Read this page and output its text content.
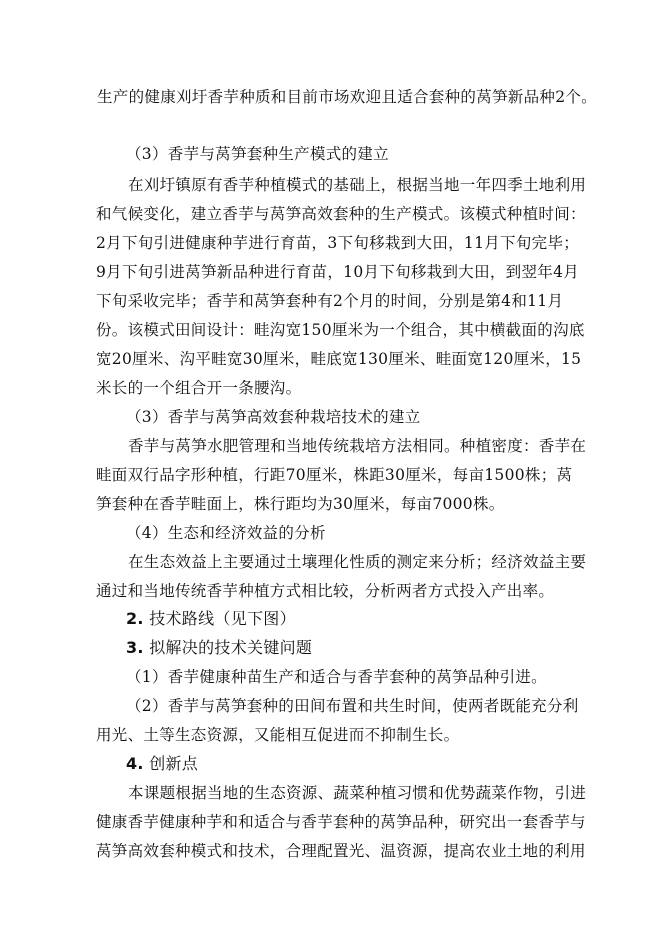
生产的健康刈圩香芋种质和目前市场欢迎且适合套种的莴笋新品种2个。
（3）香芋与莴笋套种生产模式的建立
在刈圩镇原有香芋种植模式的基础上，根据当地一年四季土地利用
和气候变化，建立香芋与莴笋高效套种的生产模式。该模式种植时间：
2月下旬引进健康种芋进行育苗，3下旬移栽到大田，11月下旬完毕；
9月下旬引进莴笋新品种进行育苗，10月下旬移栽到大田，到翌年4月
下旬采收完毕；香芋和莴笋套种有2个月的时间，分别是第4和11月
份。该模式田间设计：畦沟宽150厘米为一个组合，其中横截面的沟底
宽20厘米、沟平畦宽30厘米，畦底宽130厘米、畦面宽120厘米，15
米长的一个组合开一条腰沟。
（3）香芋与莴笋高效套种栽培技术的建立
香芋与莴笋水肥管理和当地传统栽培方法相同。种植密度：香芋在
畦面双行品字形种植，行距70厘米，株距30厘米，每亩1500株；莴
笋套种在香芋畦面上，株行距均为30厘米，每亩7000株。
（4）生态和经济效益的分析
在生态效益上主要通过土壤理化性质的测定来分析；经济效益主要
通过和当地传统香芋种植方式相比较，分析两者方式投入产出率。
2. 技术路线（见下图）
3. 拟解决的技术关键问题
（1）香芋健康种苗生产和适合与香芋套种的莴笋品种引进。
（2）香芋与莴笋套种的田间布置和共生时间，使两者既能充分利
用光、土等生态资源，又能相互促进而不抑制生长。
4. 创新点
本课题根据当地的生态资源、蔬菜种植习惯和优势蔬菜作物，引进
健康香芋健康种芋和和适合与香芋套种的莴笋品种，研究出一套香芋与
莴笋高效套种模式和技术，合理配置光、温资源，提高农业土地的利用
